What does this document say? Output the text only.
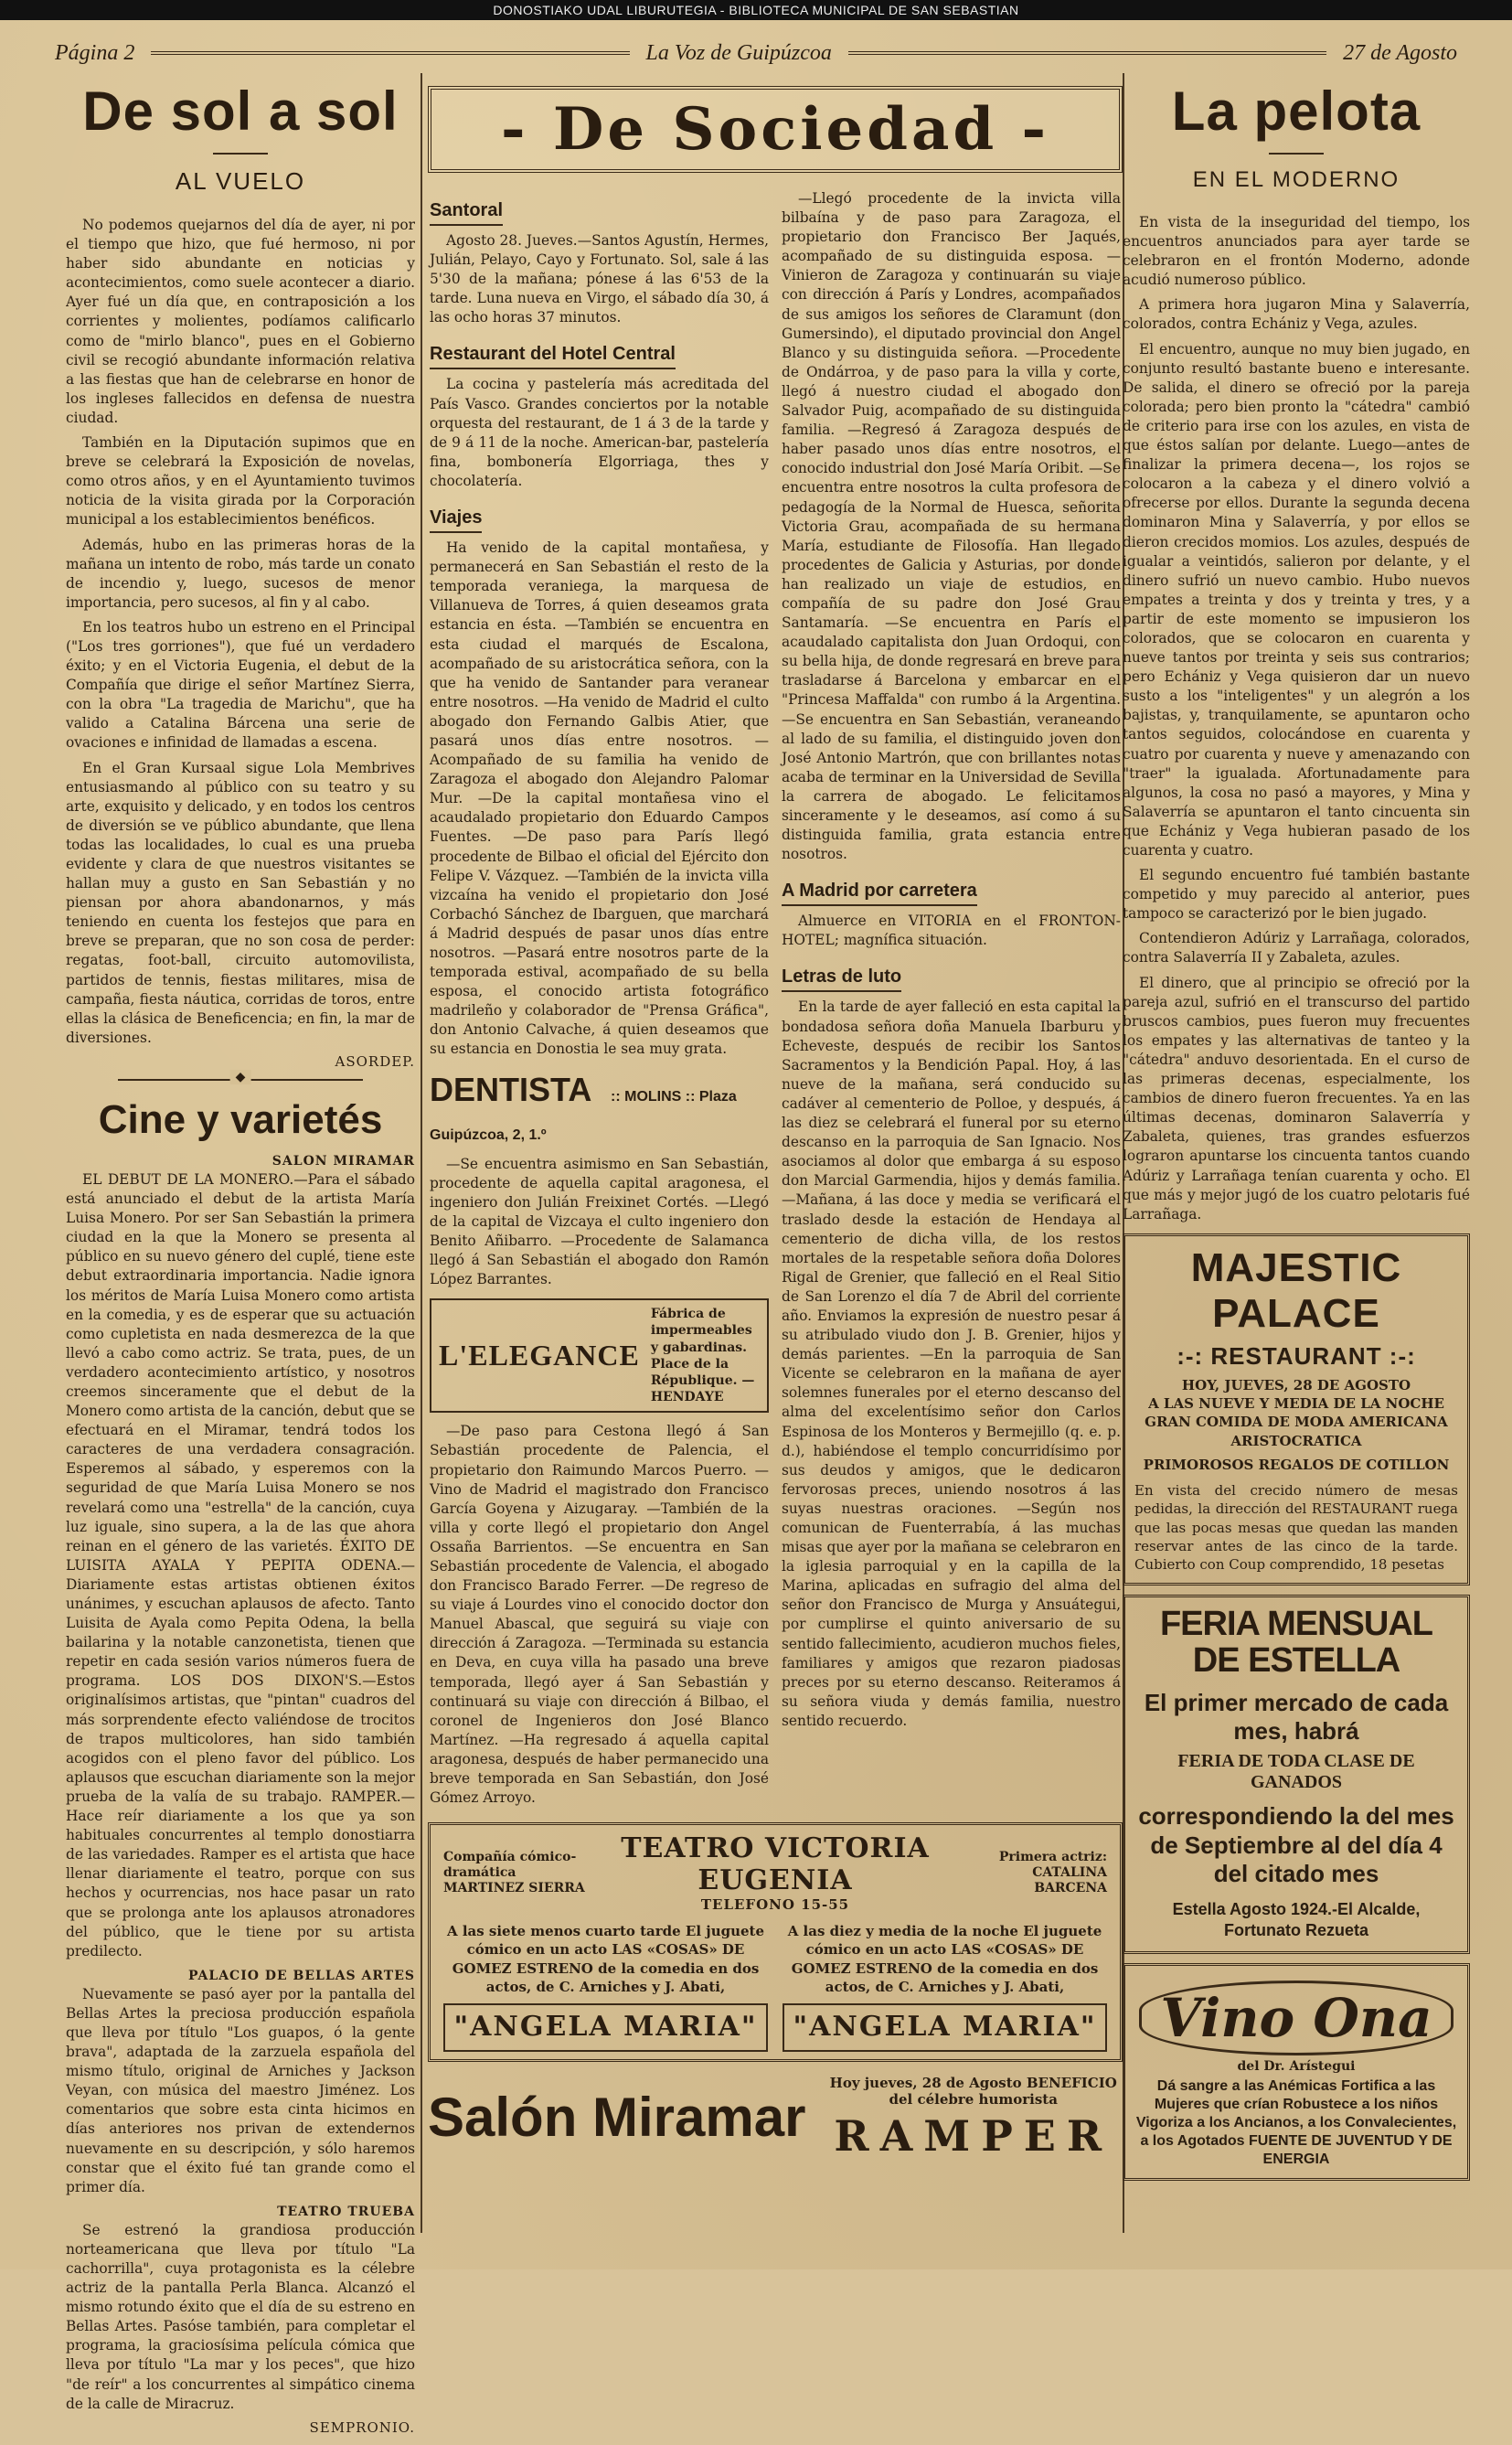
DONOSTIAKO UDAL LIBURUTEGIA - BIBLIOTECA MUNICIPAL DE SAN SEBASTIAN
Página 2	La Voz de Guipúzcoa	27 de Agosto
De sol a sol
AL VUELO

No podemos quejarnos del día de ayer, ni por el tiempo que hizo, que fué hermoso, ni por haber sido abundante en noticias y acontecimientos, como suele acontecer a diario. Ayer fué un día que, en contraposición a los corrientes y molientes, podíamos calificarlo como de "mirlo blanco", pues en el Gobierno civil se recogió abundante información relativa a las fiestas que han de celebrarse en honor de los ingleses fallecidos en defensa de nuestra ciudad.

También en la Diputación supimos que en breve se celebrará la Exposición de novelas, como otros años, y en el Ayuntamiento tuvimos noticia de la visita girada por la Corporación municipal a los establecimientos benéficos.

Además, hubo en las primeras horas de la mañana un intento de robo, más tarde un conato de incendio y, luego, sucesos de menor importancia, pero sucesos, al fin y al cabo.

En los teatros hubo un estreno en el Principal ("Los tres gorriones"), que fué un verdadero éxito; y en el Victoria Eugenia, el debut de la Compañía que dirige el señor Martínez Sierra, con la obra "La tragedia de Marichu", que ha valido a Catalina Bárcena una serie de ovaciones e infinidad de llamadas a escena.

En el Gran Kursaal sigue Lola Membrives entusiasmando al público con su teatro y su arte, exquisito y delicado, y en todos los centros de diversión se ve público abundante, que llena todas las localidades, lo cual es una prueba evidente y clara de que nuestros visitantes se hallan muy a gusto en San Sebastián y no piensan por ahora abandonarnos, y más teniendo en cuenta los festejos que para en breve se preparan, que no son cosa de perder: regatas, foot-ball, circuito automovilista, partidos de tennis, fiestas militares, misa de campaña, fiesta náutica, corridas de toros, entre ellas la clásica de Beneficencia; en fin, la mar de diversiones.

ASORDEP.
◆
Cine y varietés
SALON MIRAMAR

EL DEBUT DE LA MONERO.—Para el sábado está anunciado el debut de la artista María Luisa Monero. Por ser San Sebastián la primera ciudad en la que la Monero se presenta al público en su nuevo género del cuplé, tiene este debut extraordinaria importancia. Nadie ignora los méritos de María Luisa Monero como artista en la comedia, y es de esperar que su actuación como cupletista en nada desmerezca de la que llevó a cabo como actriz. Se trata, pues, de un verdadero acontecimiento artístico, y nosotros creemos sinceramente que el debut de la Monero como artista de la canción, debut que se efectuará en el Miramar, tendrá todos los caracteres de una verdadera consagración. Esperemos al sábado, y esperemos con la seguridad de que María Luisa Monero se nos revelará como una "estrella" de la canción, cuya luz iguale, sino supera, a la de las que ahora reinan en el género de las varietés. ÉXITO DE LUISITA AYALA Y PEPITA ODENA.—Diariamente estas artistas obtienen éxitos unánimes, y escuchan aplausos de afecto. Tanto Luisita de Ayala como Pepita Odena, la bella bailarina y la notable canzonetista, tienen que repetir en cada sesión varios números fuera de programa. LOS DOS DIXON'S.—Estos originalísimos artistas, que "pintan" cuadros del más sorprendente efecto valiéndose de trocitos de trapos multicolores, han sido también acogidos con el pleno favor del público. Los aplausos que escuchan diariamente son la mejor prueba de la valía de su trabajo. RAMPER.—Hace reír diariamente a los que ya son habituales concurrentes al templo donostiarra de las variedades. Ramper es el artista que hace llenar diariamente el teatro, porque con sus hechos y ocurrencias, nos hace pasar un rato que se prolonga ante los aplausos atronadores del público, que le tiene por su artista predilecto.

PALACIO DE BELLAS ARTES

Nuevamente se pasó ayer por la pantalla del Bellas Artes la preciosa producción española que lleva por título "Los guapos, ó la gente brava", adaptada de la zarzuela española del mismo título, original de Arniches y Jackson Veyan, con música del maestro Jiménez. Los comentarios que sobre esta cinta hicimos en días anteriores nos privan de extendernos nuevamente en su descripción, y sólo haremos constar que el éxito fué tan grande como el primer día.

TEATRO TRUEBA

Se estrenó la grandiosa producción norteamericana que lleva por título "La cachorrilla", cuya protagonista es la célebre actriz de la pantalla Perla Blanca. Alcanzó el mismo rotundo éxito que el día de su estreno en Bellas Artes. Pasóse también, para completar el programa, la graciosísima película cómica que lleva por título "La mar y los peces", que hizo "de reír" a los concurrentes al simpático cinema de la calle de Miracruz.

SEMPRONIO.
- De Sociedad -
Santoral

Agosto 28. Jueves.—Santos Agustín, Hermes, Julián, Pelayo, Cayo y Fortunato. Sol, sale á las 5'30 de la mañana; pónese á las 6'53 de la tarde. Luna nueva en Virgo, el sábado día 30, á las ocho horas 37 minutos.

Restaurant del Hotel Central

La cocina y pastelería más acreditada del País Vasco. Grandes conciertos por la notable orquesta del restaurant, de 1 á 3 de la tarde y de 9 á 11 de la noche. American-bar, pastelería fina, bombonería Elgorriaga, thes y chocolatería.

Viajes

Ha venido de la capital montañesa, y permanecerá en San Sebastián el resto de la temporada veraniega, la marquesa de Villanueva de Torres, á quien deseamos grata estancia en ésta. —También se encuentra en esta ciudad el marqués de Escalona, acompañado de su aristocrática señora, con la que ha venido de Santander para veranear entre nosotros. —Ha venido de Madrid el culto abogado don Fernando Galbis Atier, que pasará unos días entre nosotros. —Acompañado de su familia ha venido de Zaragoza el abogado don Alejandro Palomar Mur. —De la capital montañesa vino el acaudalado propietario don Eduardo Campos Fuentes. —De paso para París llegó procedente de Bilbao el oficial del Ejército don Felipe V. Vázquez. —También de la invicta villa vizcaína ha venido el propietario don José Corbachó Sánchez de Ibarguen, que marchará á Madrid después de pasar unos días entre nosotros. —Pasará entre nosotros parte de la temporada estival, acompañado de su bella esposa, el conocido artista fotográfico madrileño y colaborador de "Prensa Gráfica", don Antonio Calvache, á quien deseamos que su estancia en Donostia le sea muy grata.

DENTISTA :: MOLINS :: Plaza Guipúzcoa, 2, 1.º

—Se encuentra asimismo en San Sebastián, procedente de aquella capital aragonesa, el ingeniero don Julián Freixinet Cortés. —Llegó de la capital de Vizcaya el culto ingeniero don Benito Añibarro. —Procedente de Salamanca llegó á San Sebastián el abogado don Ramón López Barrantes.

L'ELEGANCE
Fábrica de impermeables y gabardinas. Place de la République. — HENDAYE

—De paso para Cestona llegó á San Sebastián procedente de Palencia, el propietario don Raimundo Marcos Puerro. —Vino de Madrid el magistrado don Francisco García Goyena y Aizugaray. —También de la villa y corte llegó el propietario don Angel Ossaña Barrientos. —Se encuentra en San Sebastián procedente de Valencia, el abogado don Francisco Barado Ferrer. —De regreso de su viaje á Lourdes vino el conocido doctor don Manuel Abascal, que seguirá su viaje con dirección á Zaragoza. —Terminada su estancia en Deva, en cuya villa ha pasado una breve temporada, llegó ayer á San Sebastián y continuará su viaje con dirección á Bilbao, el coronel de Ingenieros don José Blanco Martínez. —Ha regresado á aquella capital aragonesa, después de haber permanecido una breve temporada en San Sebastián, don José Gómez Arroyo.

—Llegó procedente de la invicta villa bilbaína y de paso para Zaragoza, el propietario don Francisco Ber Jaqués, acompañado de su distinguida esposa. —Vinieron de Zaragoza y continuarán su viaje con dirección á París y Londres, acompañados de sus amigos los señores de Claramunt (don Gumersindo), el diputado provincial don Angel Blanco y su distinguida señora. —Procedente de Ondárroa, y de paso para la villa y corte, llegó á nuestro ciudad el abogado don Salvador Puig, acompañado de su distinguida familia. —Regresó á Zaragoza después de haber pasado unos días entre nosotros, el conocido industrial don José María Oribit. —Se encuentra entre nosotros la culta profesora de pedagogía de la Normal de Huesca, señorita Victoria Grau, acompañada de su hermana María, estudiante de Filosofía. Han llegado procedentes de Galicia y Asturias, por donde han realizado un viaje de estudios, en compañía de su padre don José Grau Santamaría. —Se encuentra en París el acaudalado capitalista don Juan Ordoqui, con su bella hija, de donde regresará en breve para trasladarse á Barcelona y embarcar en el "Princesa Maffalda" con rumbo á la Argentina. —Se encuentra en San Sebastián, veraneando al lado de su familia, el distinguido joven don José Antonio Martrón, que con brillantes notas acaba de terminar en la Universidad de Sevilla la carrera de abogado. Le felicitamos sinceramente y le deseamos, así como á su distinguida familia, grata estancia entre nosotros.

A Madrid por carretera

Almuerce en VITORIA en el FRONTON-HOTEL; magnífica situación.

Letras de luto

En la tarde de ayer falleció en esta capital la bondadosa señora doña Manuela Ibarburu y Echeveste, después de recibir los Santos Sacramentos y la Bendición Papal. Hoy, á las nueve de la mañana, será conducido su cadáver al cementerio de Polloe, y después, á las diez se celebrará el funeral por su eterno descanso en la parroquia de San Ignacio. Nos asociamos al dolor que embarga á su esposo don Marcial Garmendia, hijos y demás familia. —Mañana, á las doce y media se verificará el traslado desde la estación de Hendaya al cementerio de dicha villa, de los restos mortales de la respetable señora doña Dolores Rigal de Grenier, que falleció en el Real Sitio de San Lorenzo el día 7 de Abril del corriente año. Enviamos la expresión de nuestro pesar á su atribulado viudo don J. B. Grenier, hijos y demás parientes. —En la parroquia de San Vicente se celebraron en la mañana de ayer solemnes funerales por el eterno descanso del alma del excelentísimo señor don Carlos Espinosa de los Monteros y Bermejillo (q. e. p. d.), habiéndose el templo concurridísimo por sus deudos y amigos, que le dedicaron fervorosas preces, uniendo nosotros á las suyas nuestras oraciones. —Según nos comunican de Fuenterrabía, á las muchas misas que ayer por la mañana se celebraron en la iglesia parroquial y en la capilla de la Marina, aplicadas en sufragio del alma del señor don Francisco de Murga y Ansuátegui, por cumplirse el quinto aniversario de su sentido fallecimiento, acudieron muchos fieles, familiares y amigos que rezaron piadosas preces por su eterno descanso. Reiteramos á su señora viuda y demás familia, nuestro sentido recuerdo.

Compañía cómico-dramática MARTINEZ SIERRA
TEATRO VICTORIA EUGENIA
TELEFONO 15-55
Primera actriz: CATALINA BARCENA
A las siete menos cuarto tarde El juguete cómico en un acto LAS «COSAS» DE GOMEZ ESTRENO de la comedia en dos actos, de C. Arniches y J. Abati,
"ANGELA MARIA"
A las diez y media de la noche El juguete cómico en un acto LAS «COSAS» DE GOMEZ ESTRENO de la comedia en dos actos, de C. Arniches y J. Abati,
"ANGELA MARIA"
Salón Miramar
Hoy jueves, 28 de Agosto BENEFICIO del célebre humorista
RAMPER
La pelota
EN EL MODERNO

En vista de la inseguridad del tiempo, los encuentros anunciados para ayer tarde se celebraron en el frontón Moderno, adonde acudió numeroso público.

A primera hora jugaron Mina y Salaverría, colorados, contra Echániz y Vega, azules.

El encuentro, aunque no muy bien jugado, en conjunto resultó bastante bueno e interesante. De salida, el dinero se ofreció por la pareja colorada; pero bien pronto la "cátedra" cambió de criterio para irse con los azules, en vista de que éstos salían por delante. Luego—antes de finalizar la primera decena—, los rojos se colocaron a la cabeza y el dinero volvió a ofrecerse por ellos. Durante la segunda decena dominaron Mina y Salaverría, y por ellos se dieron crecidos momios. Los azules, después de igualar a veintidós, salieron por delante, y el dinero sufrió un nuevo cambio. Hubo nuevos empates a treinta y dos y treinta y tres, y a partir de este momento se impusieron los colorados, que se colocaron en cuarenta y nueve tantos por treinta y seis sus contrarios; pero Echániz y Vega quisieron dar un nuevo susto a los "inteligentes" y un alegrón a los bajistas, y, tranquilamente, se apuntaron ocho tantos seguidos, colocándose en cuarenta y cuatro por cuarenta y nueve y amenazando con "traer" la igualada. Afortunadamente para algunos, la cosa no pasó a mayores, y Mina y Salaverría se apuntaron el tanto cincuenta sin que Echániz y Vega hubieran pasado de los cuarenta y cuatro.

El segundo encuentro fué también bastante competido y muy parecido al anterior, pues tampoco se caracterizó por le bien jugado.

Contendieron Adúriz y Larrañaga, colorados, contra Salaverría II y Zabaleta, azules.

El dinero, que al principio se ofreció por la pareja azul, sufrió en el transcurso del partido bruscos cambios, pues fueron muy frecuentes los empates y las alternativas de tanteo y la "cátedra" anduvo desorientada. En el curso de las primeras decenas, especialmente, los cambios de dinero fueron frecuentes. Ya en las últimas decenas, dominaron Salaverría y Zabaleta, quienes, tras grandes esfuerzos lograron apuntarse los cincuenta tantos cuando Adúriz y Larrañaga tenían cuarenta y ocho. El que más y mejor jugó de los cuatro pelotaris fué Larrañaga.

MAJESTIC PALACE
:-: RESTAURANT :-:
HOY, JUEVES, 28 DE AGOSTO
A LAS NUEVE Y MEDIA DE LA NOCHE
GRAN COMIDA DE MODA AMERICANA ARISTOCRATICA
PRIMOROSOS REGALOS DE COTILLON
En vista del crecido número de mesas pedidas, la dirección del RESTAURANT ruega que las pocas mesas que quedan las manden reservar antes de las cinco de la tarde. Cubierto con Coup comprendido, 18 pesetas
FERIA MENSUAL DE ESTELLA
El primer mercado de cada mes, habrá
FERIA DE TODA CLASE DE GANADOS
correspondiendo la del mes de Septiembre al del día 4 del citado mes
Estella Agosto 1924.-El Alcalde, Fortunato Rezueta
Vino Ona
del Dr. Arístegui
Dá sangre a las Anémicas Fortifica a las Mujeres que crían Robustece a los niños Vigoriza a los Ancianos, a los Convalecientes, a los Agotados FUENTE DE JUVENTUD Y DE ENERGIA
